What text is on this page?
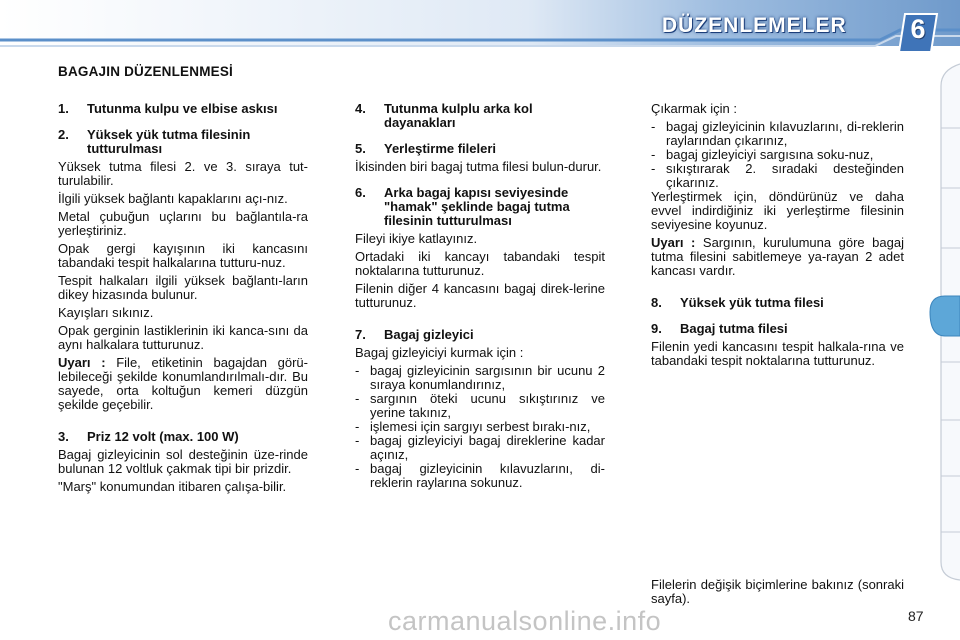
DÜZENLEMELER	6
BAGAJIN DÜZENLENMESİ
1.	Tutunma kulpu ve elbise askısı
2.	Yüksek yük tutma filesinin tutturulması

Yüksek tutma filesi 2. ve 3. sıraya tut-turulabilir.

İlgili yüksek bağlantı kapaklarını açı-nız.

Metal çubuğun uçlarını bu bağlantıla-ra yerleştiriniz.

Opak gergi kayışının iki kancasını tabandaki tespit halkalarına tutturu-nuz.

Tespit halkaları ilgili yüksek bağlantı-ların dikey hizasında bulunur.

Kayışları sıkınız.

Opak gerginin lastiklerinin iki kanca-sını da aynı halkalara tutturunuz.

Uyarı : File, etiketinin bagajdan görü-lebileceği şekilde konumlandırılmalı-dır. Bu sayede, orta koltuğun kemeri düzgün şekilde geçebilir.

3.	Priz 12 volt (max. 100 W)

Bagaj gizleyicinin sol desteğinin üze-rinde bulunan 12 voltluk çakmak tipi bir prizdir.

"Marş" konumundan itibaren çalışa-bilir.

4.	Tutunma kulplu arka kol dayanakları
5.	Yerleştirme fileleri

İkisinden biri bagaj tutma filesi bulun-durur.

6.	Arka bagaj kapısı seviyesinde "hamak" şeklinde bagaj tutma filesinin tutturulması

Fileyi ikiye katlayınız.

Ortadaki iki kancayı tabandaki tespit noktalarına tutturunuz.

Filenin diğer 4 kancasını bagaj direk-lerine tutturunuz.

7.	Bagaj gizleyici

Bagaj gizleyiciyi kurmak için :

- bagaj gizleyicinin sargısının bir ucunu 2 sıraya konumlandırınız,
- sargının öteki ucunu sıkıştırınız ve yerine takınız,
- işlemesi için sargıyı serbest bırakı-nız,
- bagaj gizleyiciyi bagaj direklerine kadar açınız,
- bagaj gizleyicinin kılavuzlarını, di-reklerin raylarına sokunuz.

Çıkarmak için :

- bagaj gizleyicinin kılavuzlarını, di-reklerin raylarından çıkarınız,
- bagaj gizleyiciyi sargısına soku-nuz,
- sıkıştırarak 2. sıradaki desteğinden çıkarınız.

Yerleştirmek için, döndürünüz ve daha evvel indirdiğiniz iki yerleştirme filesinin seviyesine koyunuz.

Uyarı : Sargının, kurulumuna göre bagaj tutma filesini sabitlemeye ya-rayan 2 adet kancası vardır.

8.	Yüksek yük tutma filesi
9.	Bagaj tutma filesi

Filenin yedi kancasını tespit halkala-rına ve tabandaki tespit noktalarına tutturunuz.

Filelerin değişik biçimlerine bakınız (sonraki sayfa).
carmanualsonline.info	87
